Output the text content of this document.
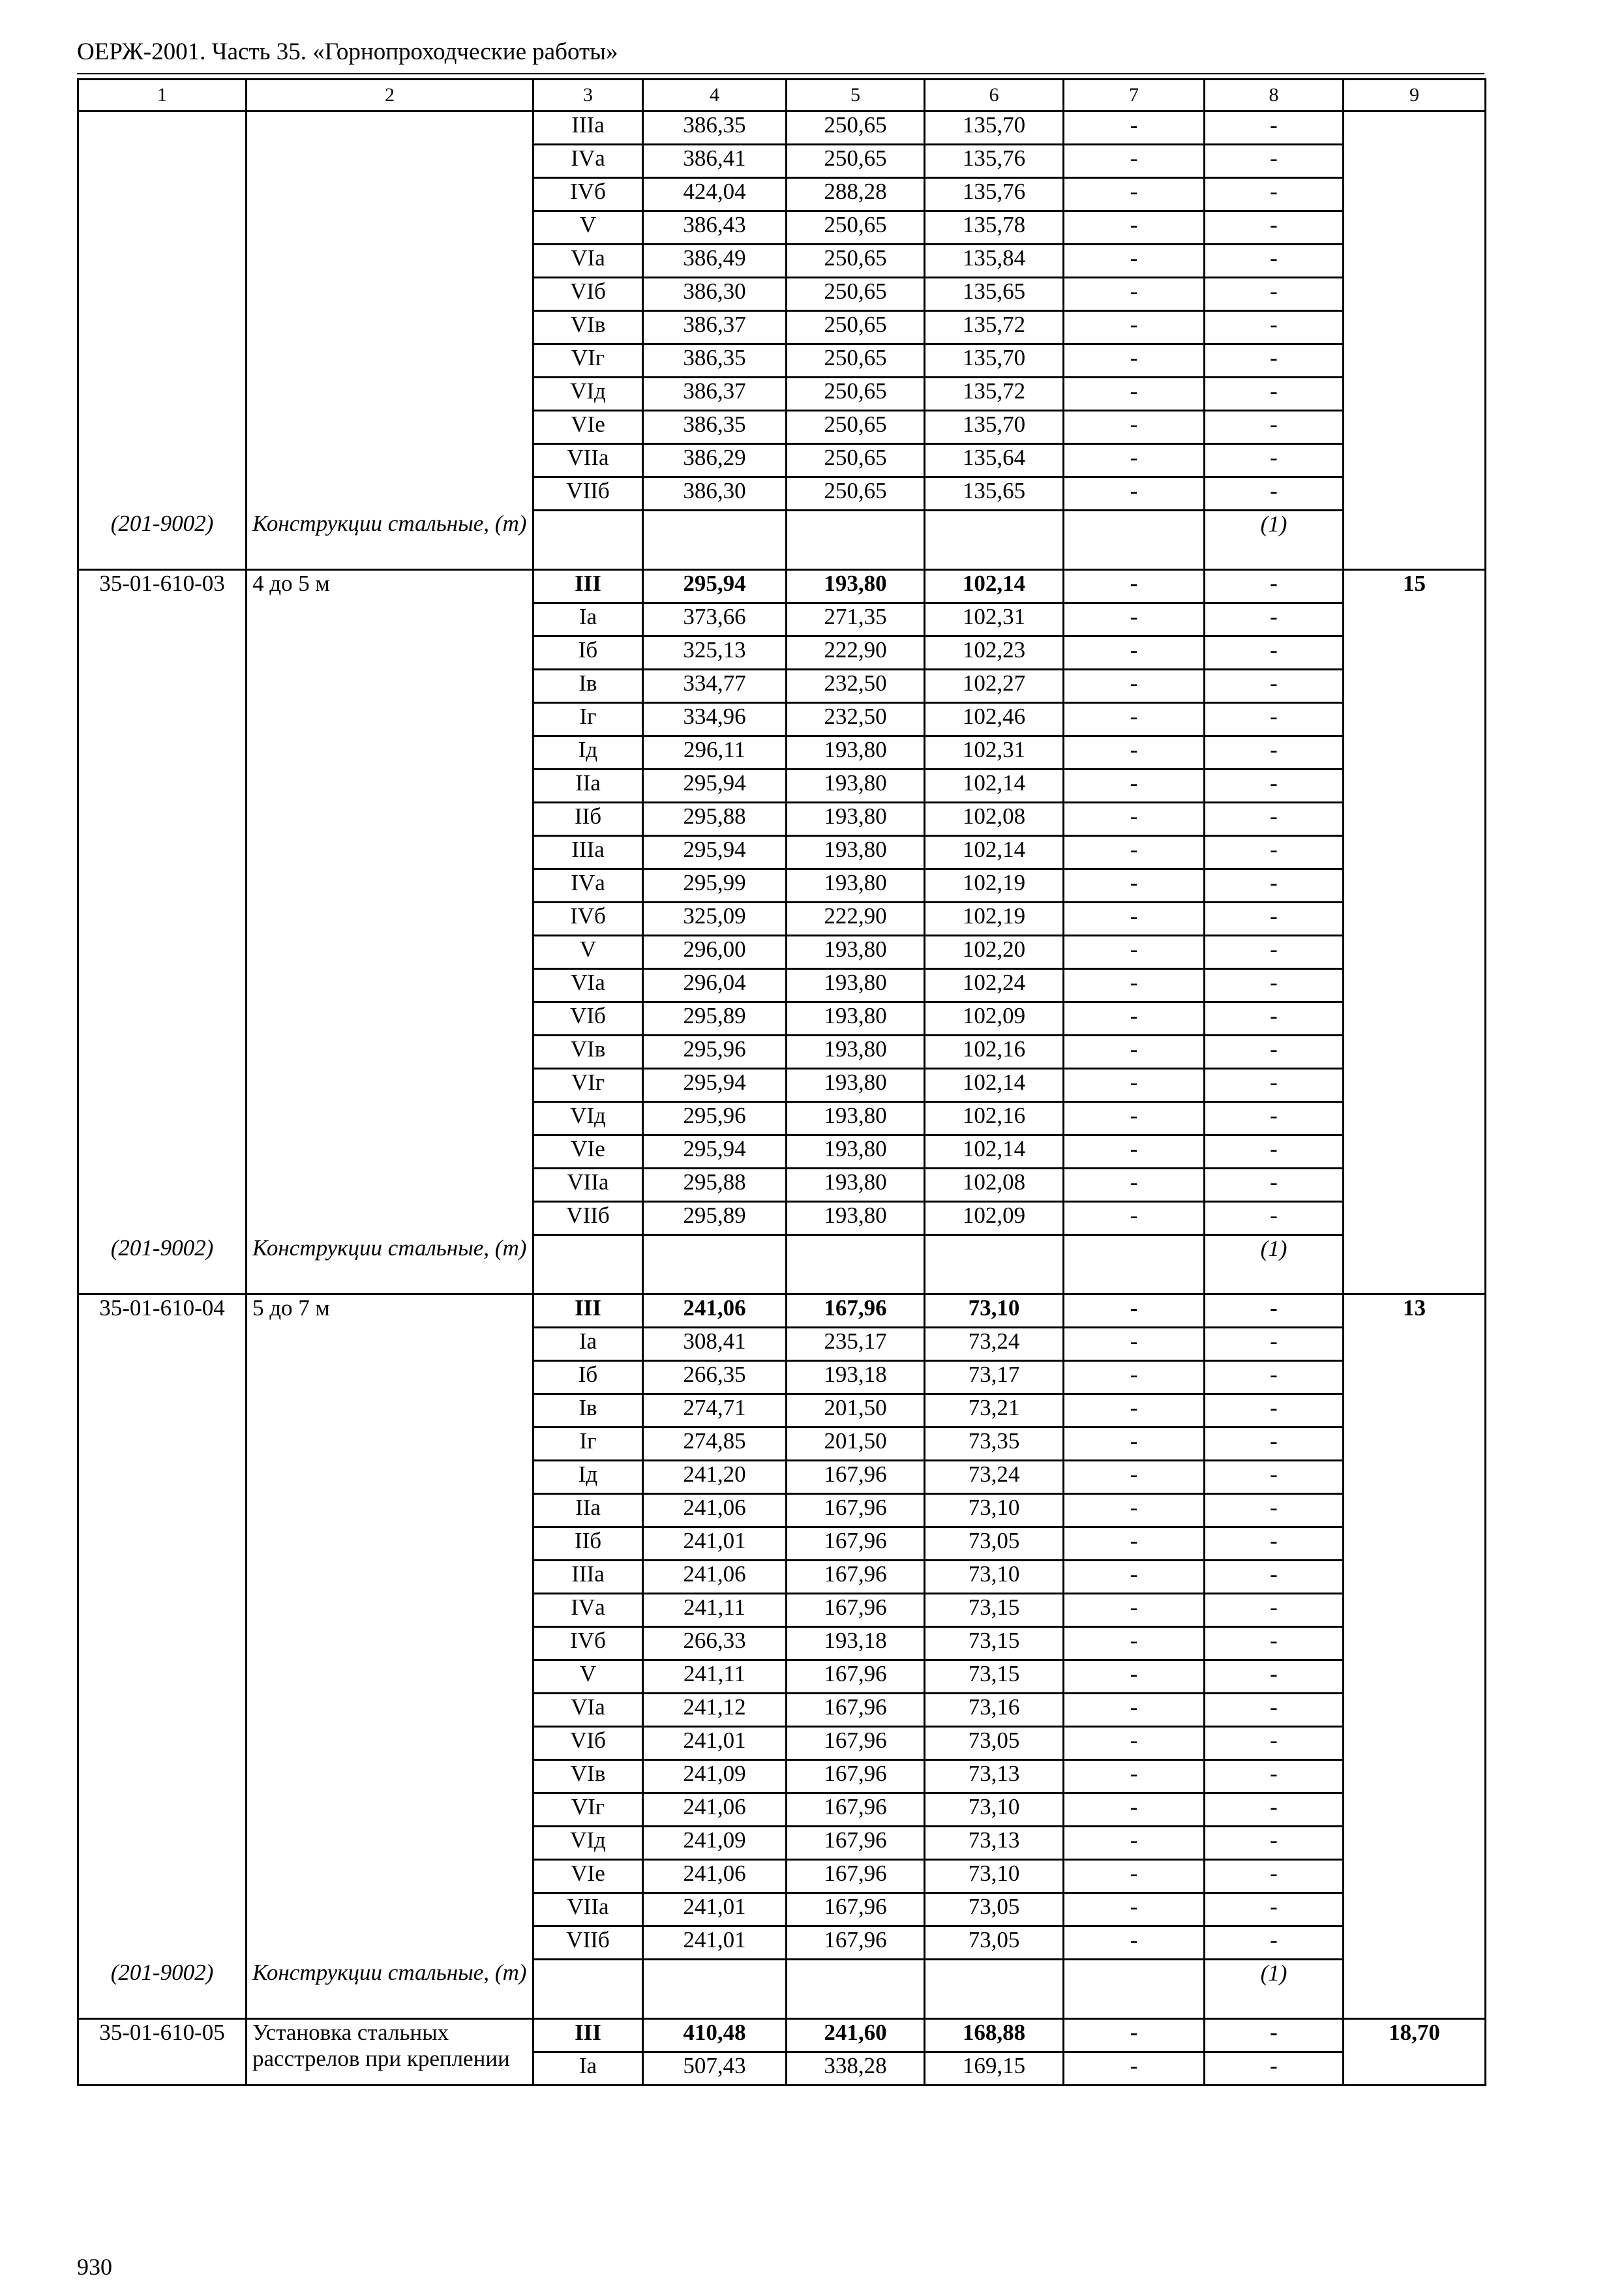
ОЕРЖ-2001. Часть 35. «Горнопроходческие работы»
1	2	3	4	5	6	7	8	9
		IIIа	386,35	250,65	135,70	-	-	
		IVа	386,41	250,65	135,76	-	-	
		IVб	424,04	288,28	135,76	-	-	
		V	386,43	250,65	135,78	-	-	
		VIа	386,49	250,65	135,84	-	-	
		VIб	386,30	250,65	135,65	-	-	
		VIв	386,37	250,65	135,72	-	-	
		VIг	386,35	250,65	135,70	-	-	
		VIд	386,37	250,65	135,72	-	-	
		VIе	386,35	250,65	135,70	-	-	
		VIIа	386,29	250,65	135,64	-	-	
		VIIб	386,30	250,65	135,65	-	-	
(201-9002)	Конструкции стальные, (т)						(1)	
35-01-610-03	4 до 5 м	III	295,94	193,80	102,14	-	-	15
		Iа	373,66	271,35	102,31	-	-	
		Iб	325,13	222,90	102,23	-	-	
		Iв	334,77	232,50	102,27	-	-	
		Iг	334,96	232,50	102,46	-	-	
		Iд	296,11	193,80	102,31	-	-	
		IIа	295,94	193,80	102,14	-	-	
		IIб	295,88	193,80	102,08	-	-	
		IIIа	295,94	193,80	102,14	-	-	
		IVа	295,99	193,80	102,19	-	-	
		IVб	325,09	222,90	102,19	-	-	
		V	296,00	193,80	102,20	-	-	
		VIа	296,04	193,80	102,24	-	-	
		VIб	295,89	193,80	102,09	-	-	
		VIв	295,96	193,80	102,16	-	-	
		VIг	295,94	193,80	102,14	-	-	
		VIд	295,96	193,80	102,16	-	-	
		VIе	295,94	193,80	102,14	-	-	
		VIIа	295,88	193,80	102,08	-	-	
		VIIб	295,89	193,80	102,09	-	-	
(201-9002)	Конструкции стальные, (т)						(1)	
35-01-610-04	5 до 7 м	III	241,06	167,96	73,10	-	-	13
		Iа	308,41	235,17	73,24	-	-	
		Iб	266,35	193,18	73,17	-	-	
		Iв	274,71	201,50	73,21	-	-	
		Iг	274,85	201,50	73,35	-	-	
		Iд	241,20	167,96	73,24	-	-	
		IIа	241,06	167,96	73,10	-	-	
		IIб	241,01	167,96	73,05	-	-	
		IIIа	241,06	167,96	73,10	-	-	
		IVа	241,11	167,96	73,15	-	-	
		IVб	266,33	193,18	73,15	-	-	
		V	241,11	167,96	73,15	-	-	
		VIа	241,12	167,96	73,16	-	-	
		VIб	241,01	167,96	73,05	-	-	
		VIв	241,09	167,96	73,13	-	-	
		VIг	241,06	167,96	73,10	-	-	
		VIд	241,09	167,96	73,13	-	-	
		VIе	241,06	167,96	73,10	-	-	
		VIIа	241,01	167,96	73,05	-	-	
		VIIб	241,01	167,96	73,05	-	-	
(201-9002)	Конструкции стальные, (т)						(1)	
35-01-610-05	Установка стальных расстрелов при креплении	III	410,48	241,60	168,88	-	-	18,70
		Iа	507,43	338,28	169,15	-	-	
930
